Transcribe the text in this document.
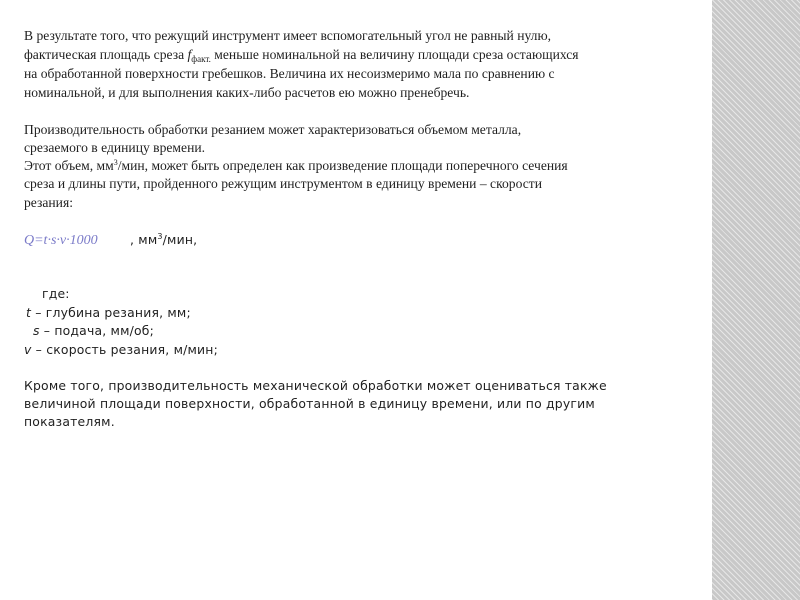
В результате того, что режущий инструмент имеет вспомогательный угол не равный нулю,
фактическая площадь среза $f_{факт.}$ меньше номинальной на величину площади среза остающихся
на обработанной поверхности гребешков. Величина их несоизмеримо мала по сравнению с
номинальной, и для выполнения каких-либо расчетов ею можно пренебречь.
Производительность обработки резанием может характеризоваться объемом металла,
срезаемого в единицу времени.
Этот объем, $мм^3$/мин, может быть определен как произведение площади поперечного сечения
среза и длины пути, пройденного режущим инструментом в единицу времени – скорости
резания:
Q=t·s·v·1000	, $мм^3$/мин,
где:
t – глубина резания, мм;
s – подача, мм/об;
v – скорость резания, м/мин;
Кроме того, производительность механической обработки может оцениваться также
величиной площади поверхности, обработанной в единицу времени, или по другим
показателям.
